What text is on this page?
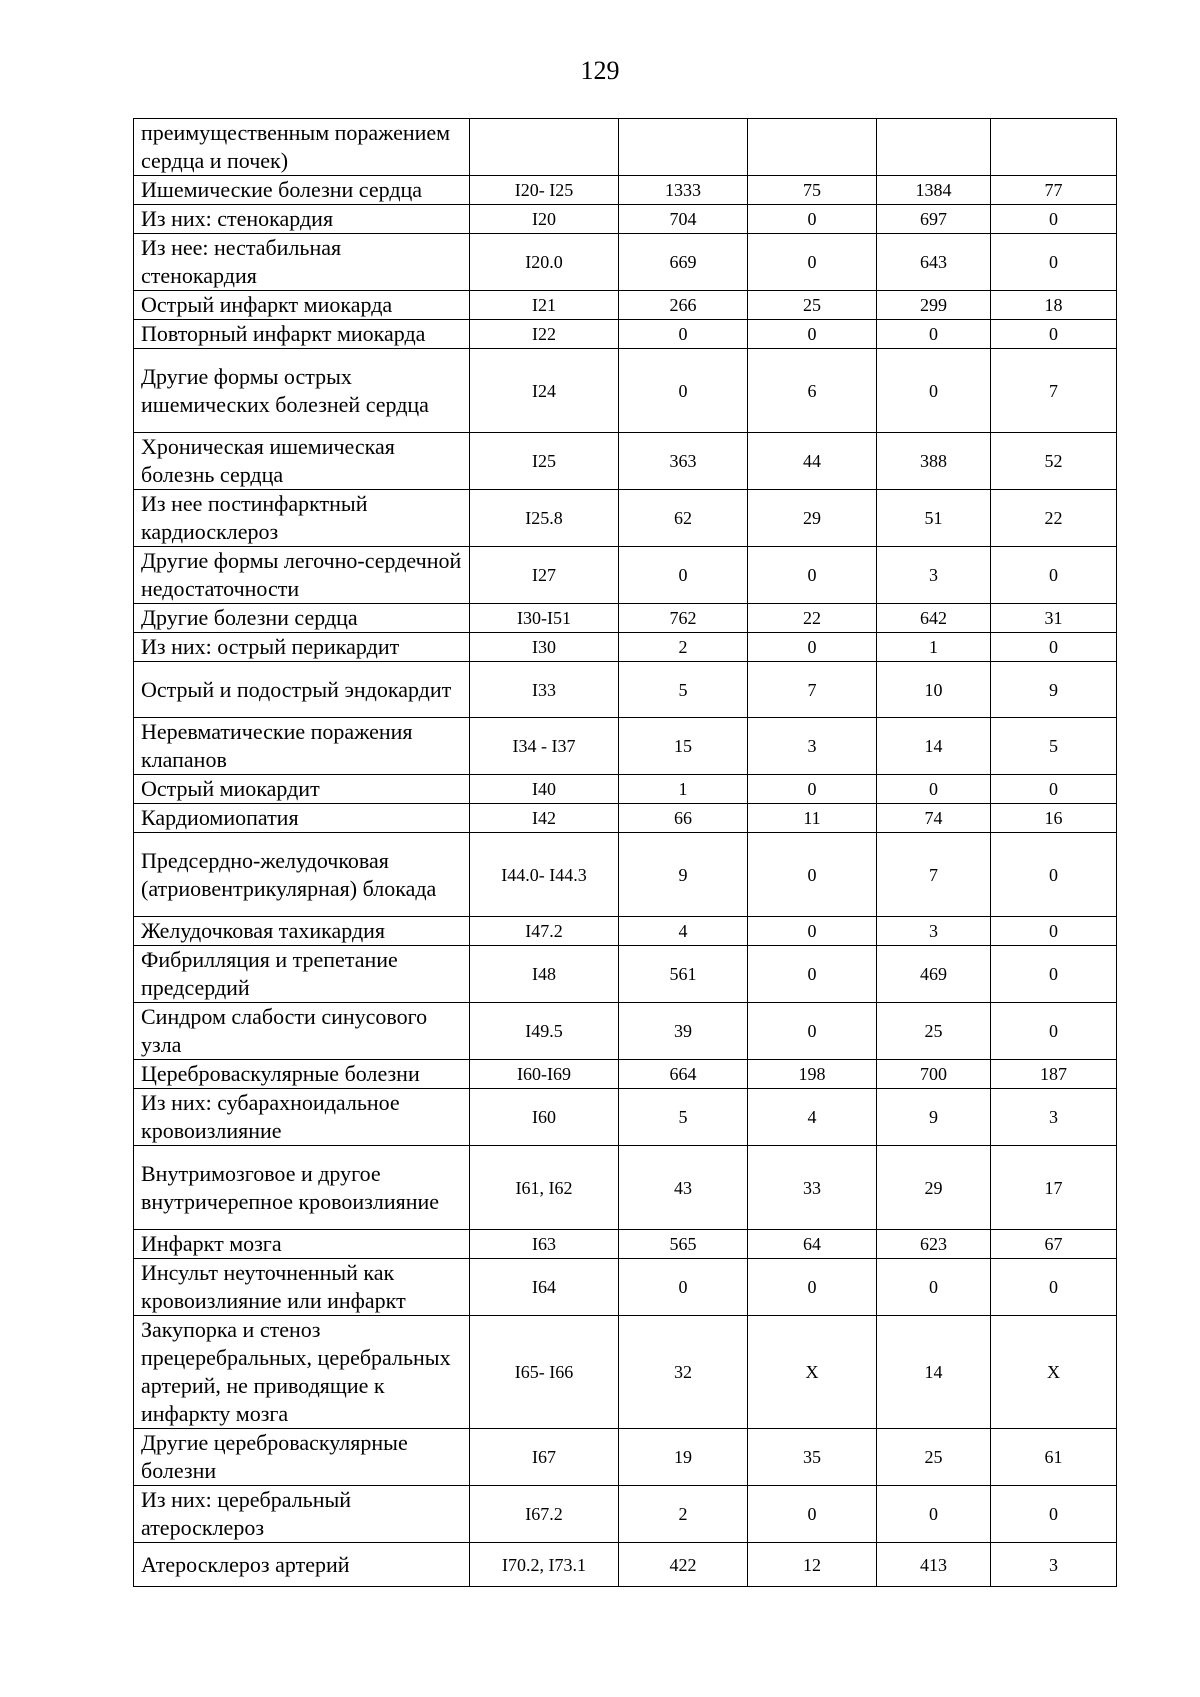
129
преимущественным поражением сердца и почек)					
Ишемические болезни сердца	I20- I25	1333	75	1384	77
Из них: стенокардия	I20	704	0	697	0
Из нее: нестабильная стенокардия	I20.0	669	0	643	0
Острый инфаркт миокарда	I21	266	25	299	18
Повторный инфаркт миокарда	I22	0	0	0	0
Другие формы острых ишемических болезней сердца	I24	0	6	0	7
Хроническая ишемическая болезнь сердца	I25	363	44	388	52
Из нее постинфарктный кардиосклероз	I25.8	62	29	51	22
Другие формы легочно-сердечной недостаточности	I27	0	0	3	0
Другие болезни сердца	I30-I51	762	22	642	31
Из них: острый перикардит	I30	2	0	1	0
Острый и подострый эндокардит	I33	5	7	10	9
Неревматические поражения клапанов	I34 - I37	15	3	14	5
Острый миокардит	I40	1	0	0	0
Кардиомиопатия	I42	66	11	74	16
Предсердно-желудочковая (атриовентрикулярная) блокада	I44.0- I44.3	9	0	7	0
Желудочковая тахикардия	I47.2	4	0	3	0
Фибрилляция и трепетание предсердий	I48	561	0	469	0
Синдром слабости синусового узла	I49.5	39	0	25	0
Цереброваскулярные болезни	I60-I69	664	198	700	187
Из них: субарахноидальное кровоизлияние	I60	5	4	9	3
Внутримозговое и другое внутричерепное кровоизлияние	I61, I62	43	33	29	17
Инфаркт мозга	I63	565	64	623	67
Инсульт неуточненный как кровоизлияние или инфаркт	I64	0	0	0	0
Закупорка и стеноз прецеребральных, церебральных артерий, не приводящие к инфаркту мозга	I65- I66	32	X	14	X
Другие цереброваскулярные болезни	I67	19	35	25	61
Из них: церебральный атеросклероз	I67.2	2	0	0	0
Атеросклероз артерий	I70.2, I73.1	422	12	413	3
